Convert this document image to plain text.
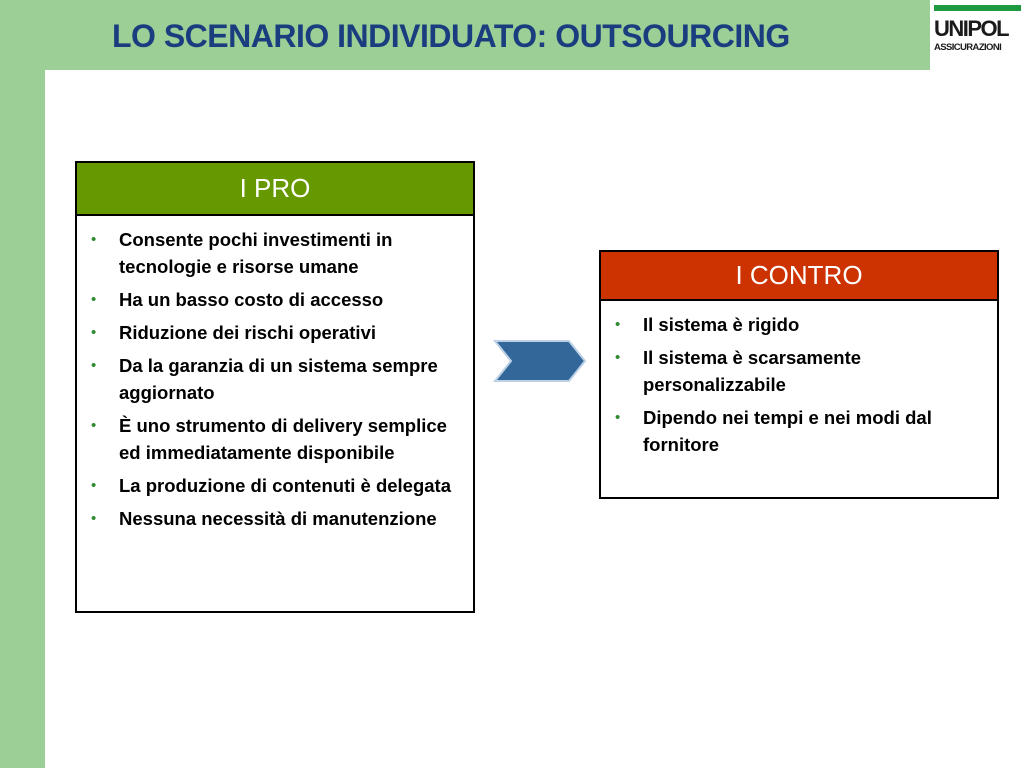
LO SCENARIO INDIVIDUATO: OUTSOURCING	UNIPOL
ASSICURAZIONI
I PRO
• Consente pochi investimenti in tecnologie e risorse umane
• Ha un basso costo di accesso
• Riduzione dei rischi operativi
• Da la garanzia di un sistema sempre aggiornato
• È uno strumento di delivery semplice ed immediatamente disponibile
• La produzione di contenuti è delegata
• Nessuna necessità di manutenzione
I CONTRO
• Il sistema è rigido
• Il sistema è scarsamente personalizzabile
• Dipendo nei tempi e nei modi dal fornitore
